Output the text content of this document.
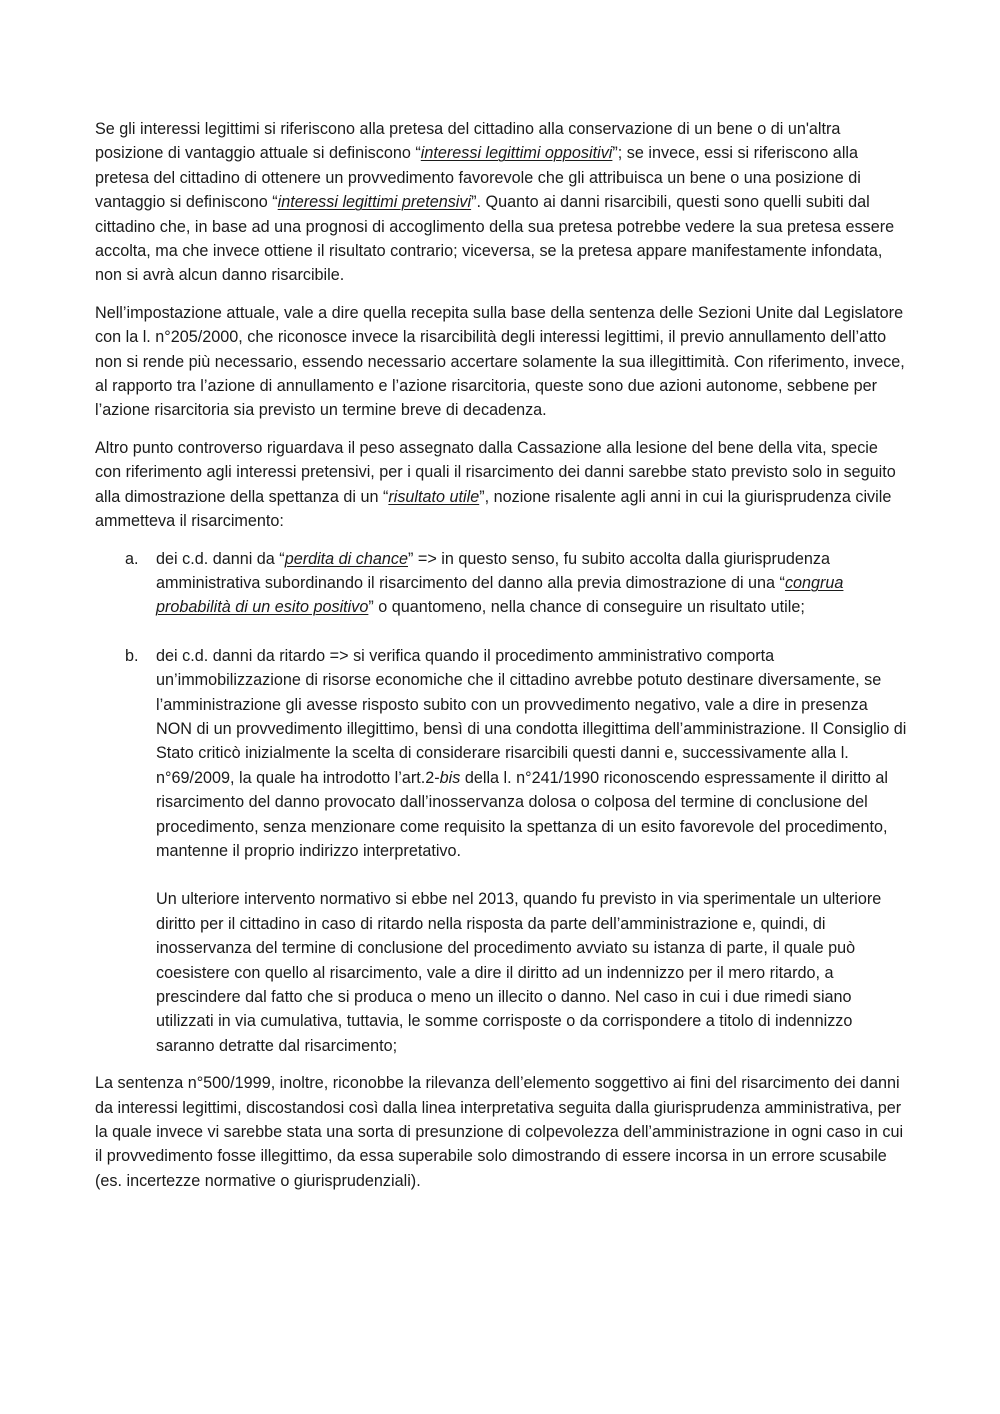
Se gli interessi legittimi si riferiscono alla pretesa del cittadino alla conservazione di un bene o di un'altra posizione di vantaggio attuale si definiscono “interessi legittimi oppositivi”; se invece, essi si riferiscono alla pretesa del cittadino di ottenere un provvedimento favorevole che gli attribuisca un bene o una posizione di vantaggio si definiscono “interessi legittimi pretensivi”. Quanto ai danni risarcibili, questi sono quelli subiti dal cittadino che, in base ad una prognosi di accoglimento della sua pretesa potrebbe vedere la sua pretesa essere accolta, ma che invece ottiene il risultato contrario; viceversa, se la pretesa appare manifestamente infondata, non si avrà alcun danno risarcibile.

Nell’impostazione attuale, vale a dire quella recepita sulla base della sentenza delle Sezioni Unite dal Legislatore con la l. n°205/2000, che riconosce invece la risarcibilità degli interessi legittimi, il previo annullamento dell’atto non si rende più necessario, essendo necessario accertare solamente la sua illegittimità. Con riferimento, invece, al rapporto tra l’azione di annullamento e l’azione risarcitoria, queste sono due azioni autonome, sebbene per l’azione risarcitoria sia previsto un termine breve di decadenza.

Altro punto controverso riguardava il peso assegnato dalla Cassazione alla lesione del bene della vita, specie con riferimento agli interessi pretensivi, per i quali il risarcimento dei danni sarebbe stato previsto solo in seguito alla dimostrazione della spettanza di un “risultato utile”, nozione risalente agli anni in cui la giurisprudenza civile ammetteva il risarcimento:

a. dei c.d. danni da “perdita di chance” => in questo senso, fu subito accolta dalla giurisprudenza amministrativa subordinando il risarcimento del danno alla previa dimostrazione di una “congrua probabilità di un esito positivo” o quantomeno, nella chance di conseguire un risultato utile;
b. dei c.d. danni da ritardo => si verifica quando il procedimento amministrativo comporta un’immobilizzazione di risorse economiche che il cittadino avrebbe potuto destinare diversamente, se l’amministrazione gli avesse risposto subito con un provvedimento negativo, vale a dire in presenza NON di un provvedimento illegittimo, bensì di una condotta illegittima dell’amministrazione. Il Consiglio di Stato criticò inizialmente la scelta di considerare risarcibili questi danni e, successivamente alla l. n°69/2009, la quale ha introdotto l’art.2-bis della l. n°241/1990 riconoscendo espressamente il diritto al risarcimento del danno provocato dall’inosservanza dolosa o colposa del termine di conclusione del procedimento, senza menzionare come requisito la spettanza di un esito favorevole del procedimento, mantenne il proprio indirizzo interpretativo.

Un ulteriore intervento normativo si ebbe nel 2013, quando fu previsto in via sperimentale un ulteriore diritto per il cittadino in caso di ritardo nella risposta da parte dell’amministrazione e, quindi, di inosservanza del termine di conclusione del procedimento avviato su istanza di parte, il quale può coesistere con quello al risarcimento, vale a dire il diritto ad un indennizzo per il mero ritardo, a prescindere dal fatto che si produca o meno un illecito o danno. Nel caso in cui i due rimedi siano utilizzati in via cumulativa, tuttavia, le somme corrisposte o da corrispondere a titolo di indennizzo saranno detratte dal risarcimento;

La sentenza n°500/1999, inoltre, riconobbe la rilevanza dell’elemento soggettivo ai fini del risarcimento dei danni da interessi legittimi, discostandosi così dalla linea interpretativa seguita dalla giurisprudenza amministrativa, per la quale invece vi sarebbe stata una sorta di presunzione di colpevolezza dell’amministrazione in ogni caso in cui il provvedimento fosse illegittimo, da essa superabile solo dimostrando di essere incorsa in un errore scusabile (es. incertezze normative o giurisprudenziali).
